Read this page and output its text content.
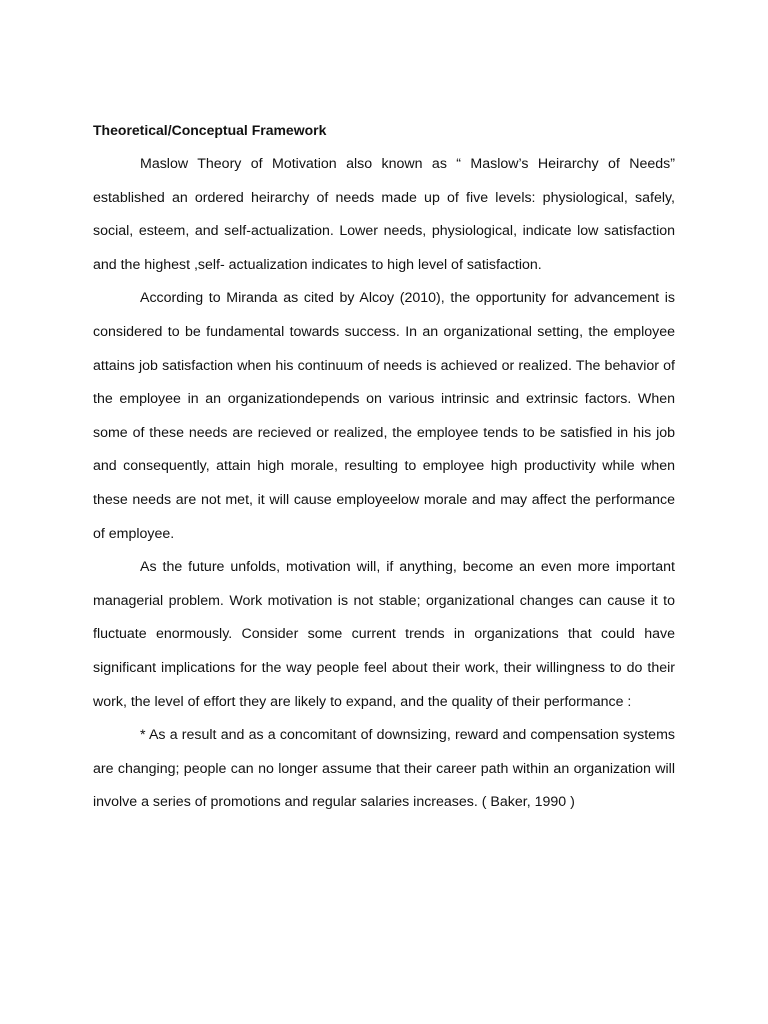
Theoretical/Conceptual Framework

Maslow Theory of Motivation also known as “ Maslow’s Heirarchy of Needs” established an ordered heirarchy of needs made up of five levels: physiological, safely, social, esteem, and self-actualization. Lower needs, physiological, indicate low satisfaction and the highest ,self- actualization indicates to high level of satisfaction.

According to Miranda as cited by Alcoy (2010), the opportunity for advancement is considered to be fundamental towards success. In an organizational setting, the employee attains job satisfaction when his continuum of needs is achieved or realized. The behavior of the employee in an organizationdepends on various intrinsic and extrinsic factors. When some of these needs are recieved or realized, the employee tends to be satisfied in his job and consequently, attain high morale, resulting to employee high productivity while when these needs are not met, it will cause employeelow morale and may affect the performance of employee.

As the future unfolds, motivation will, if anything, become an even more important managerial problem. Work motivation is not stable; organizational changes can cause it to fluctuate enormously. Consider some current trends in organizations that could have significant implications for the way people feel about their work, their willingness to do their work, the level of effort they are likely to expand, and the quality of their performance :

* As a result and as a concomitant of downsizing, reward and compensation systems are changing; people can no longer assume that their career path within an organization will involve a series of promotions and regular salaries increases. ( Baker, 1990 )
